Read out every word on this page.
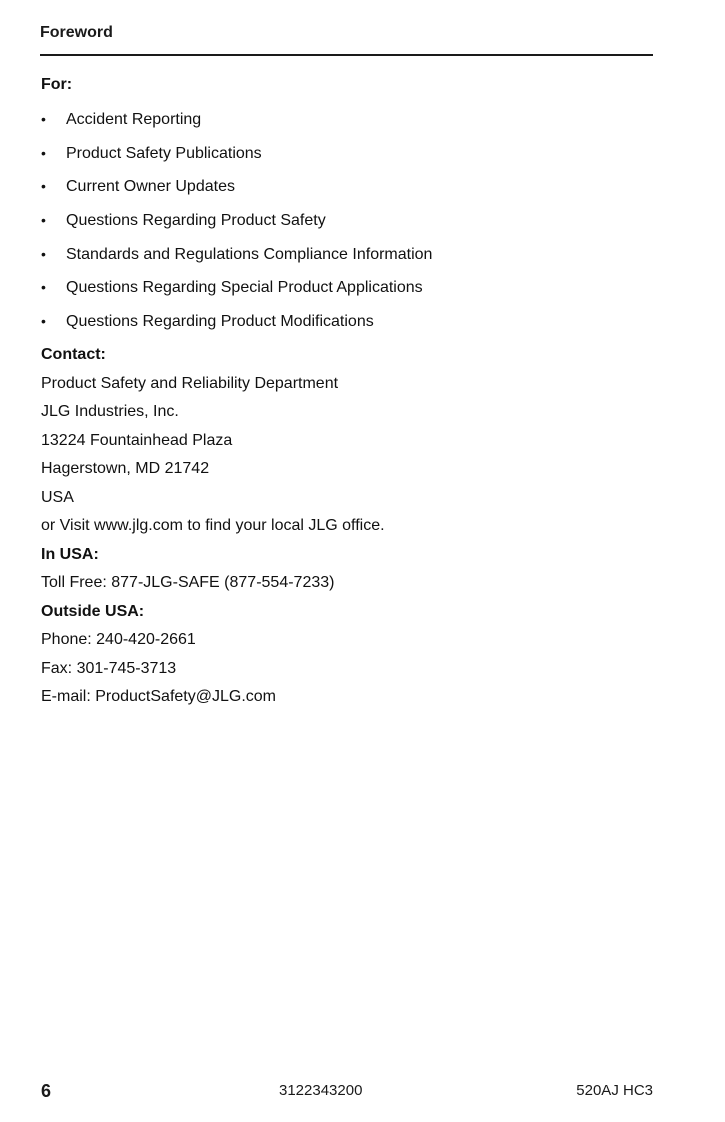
Foreword
For:
•	Accident Reporting
•	Product Safety Publications
•	Current Owner Updates
•	Questions Regarding Product Safety
•	Standards and Regulations Compliance Information
•	Questions Regarding Special Product Applications
•	Questions Regarding Product Modifications
Contact:
Product Safety and Reliability Department
JLG Industries, Inc.
13224 Fountainhead Plaza
Hagerstown, MD 21742
USA
or Visit www.jlg.com to find your local JLG office.
In USA:
Toll Free: 877-JLG-SAFE (877-554-7233)
Outside USA:
Phone: 240-420-2661
Fax: 301-745-3713
E-mail: ProductSafety@JLG.com
6	3122343200	520AJ HC3
